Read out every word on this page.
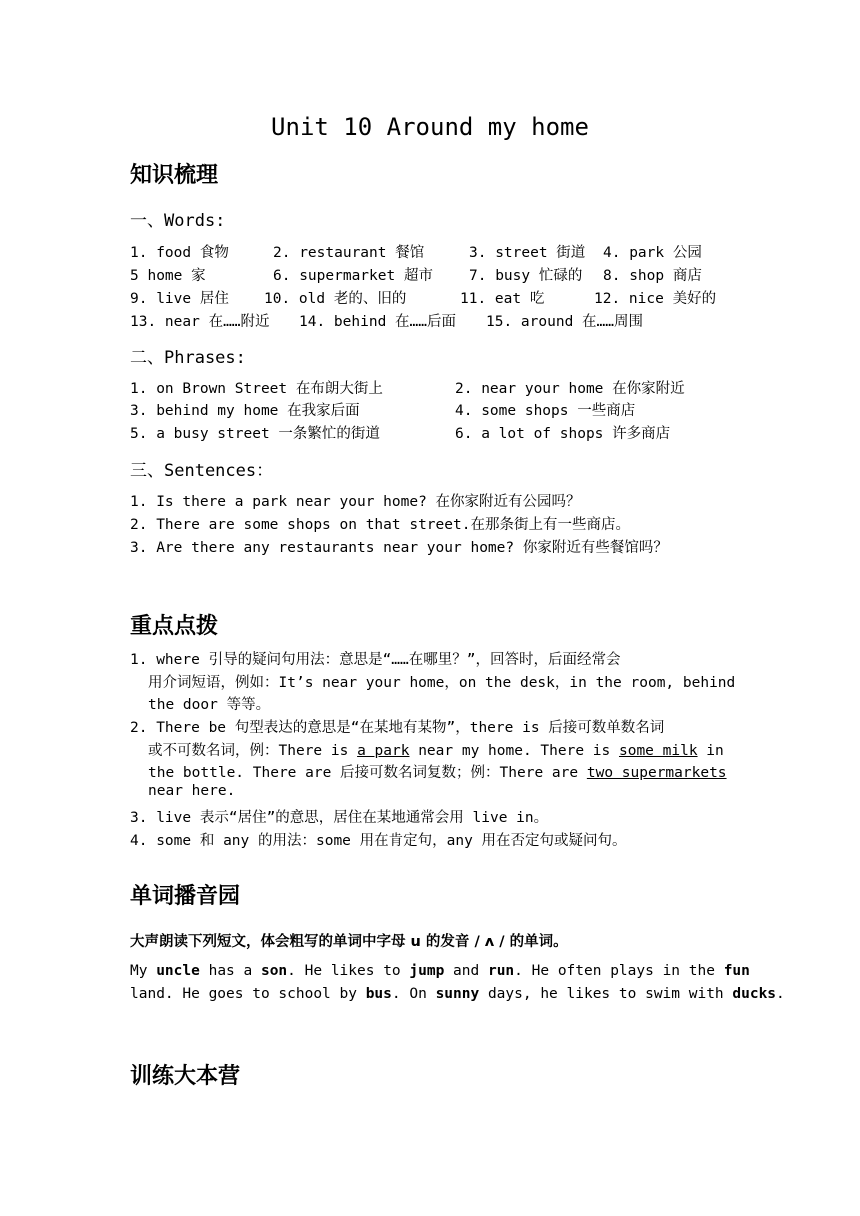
Unit 10 Around my home
知识梳理
一、Words:
1. food 食物	2. restaurant 餐馆	3. street 街道 4. park 公园
5 home 家	6. supermarket 超市 7. busy 忙碌的 8. shop 商店
9. live 居住 10. old 老的、旧的	11. eat 吃	12. nice 美好的
13. near 在……附近 14. behind 在……后面 15. around 在……周围
二、Phrases:
1. on Brown Street 在布朗大街上	2. near your home 在你家附近
3. behind my home 在我家后面	4. some shops 一些商店
5. a busy street 一条繁忙的街道	6. a lot of shops 许多商店
三、Sentences：
1. Is there a park near your home? 在你家附近有公园吗？
2. There are some shops on that street.在那条街上有一些商店。
3. Are there any restaurants near your home? 你家附近有些餐馆吗？
重点点拨
1. where 引导的疑问句用法：意思是“……在哪里？”，回答时，后面经常会
用介词短语，例如：It’s near your home，on the desk，in the room, behind
the door 等等。
2. There be 句型表达的意思是“在某地有某物”，there is 后接可数单数名词
或不可数名词，例：There is a park near my home. There is some milk in
the bottle. There are 后接可数名词复数；例：There are two supermarkets
near here.
3. live 表示“居住”的意思，居住在某地通常会用 live in。
4. some 和 any 的用法：some 用在肯定句，any 用在否定句或疑问句。
单词播音园
大声朗读下列短文，体会粗写的单词中字母 u 的发音 / ʌ / 的单词。
My uncle has a son. He likes to jump and run. He often plays in the fun
land. He goes to school by bus. On sunny days, he likes to swim with ducks.
训练大本营
